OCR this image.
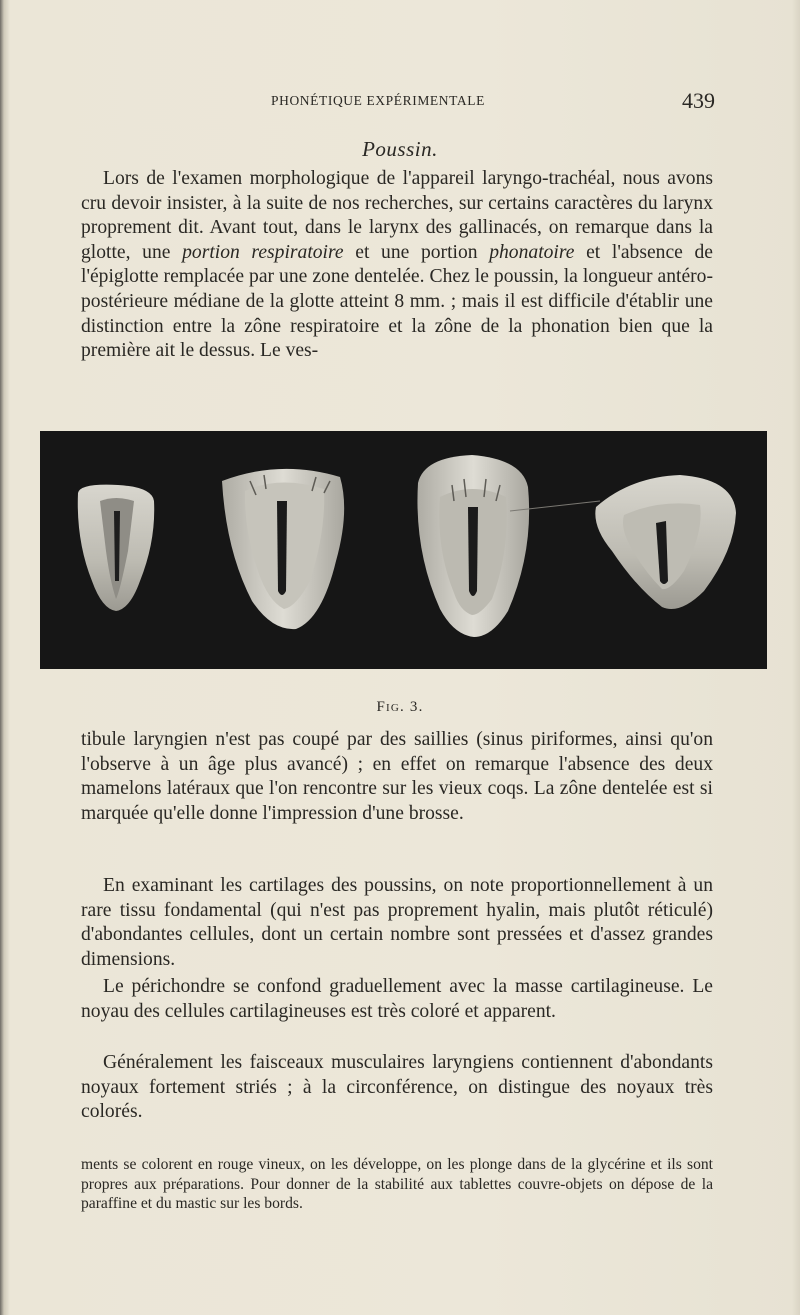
PHONÉTIQUE EXPÉRIMENTALE	439
Poussin.

Lors de l'examen morphologique de l'appareil laryngo-trachéal, nous avons cru devoir insister, à la suite de nos recherches, sur certains caractères du larynx proprement dit. Avant tout, dans le larynx des gallinacés, on remarque dans la glotte, une portion respiratoire et une portion phonatoire et l'absence de l'épiglotte remplacée par une zone dentelée. Chez le poussin, la longueur antéro-postérieure médiane de la glotte atteint 8 mm. ; mais il est difficile d'établir une distinction entre la zône respiratoire et la zône de la phonation bien que la première ait le dessus. Le ves-

Fig. 3.

tibule laryngien n'est pas coupé par des saillies (sinus piriformes, ainsi qu'on l'observe à un âge plus avancé) ; en effet on remarque l'absence des deux mamelons latéraux que l'on rencontre sur les vieux coqs. La zône dentelée est si marquée qu'elle donne l'impression d'une brosse.

En examinant les cartilages des poussins, on note proportionnellement à un rare tissu fondamental (qui n'est pas proprement hyalin, mais plutôt réticulé) d'abondantes cellules, dont un certain nombre sont pressées et d'assez grandes dimensions.

Le périchondre se confond graduellement avec la masse cartilagineuse. Le noyau des cellules cartilagineuses est très coloré et apparent.

Généralement les faisceaux musculaires laryngiens contiennent d'abondants noyaux fortement striés ; à la circonférence, on distingue des noyaux très colorés.

ments se colorent en rouge vineux, on les développe, on les plonge dans de la glycérine et ils sont propres aux préparations. Pour donner de la stabilité aux tablettes couvre-objets on dépose de la paraffine et du mastic sur les bords.
